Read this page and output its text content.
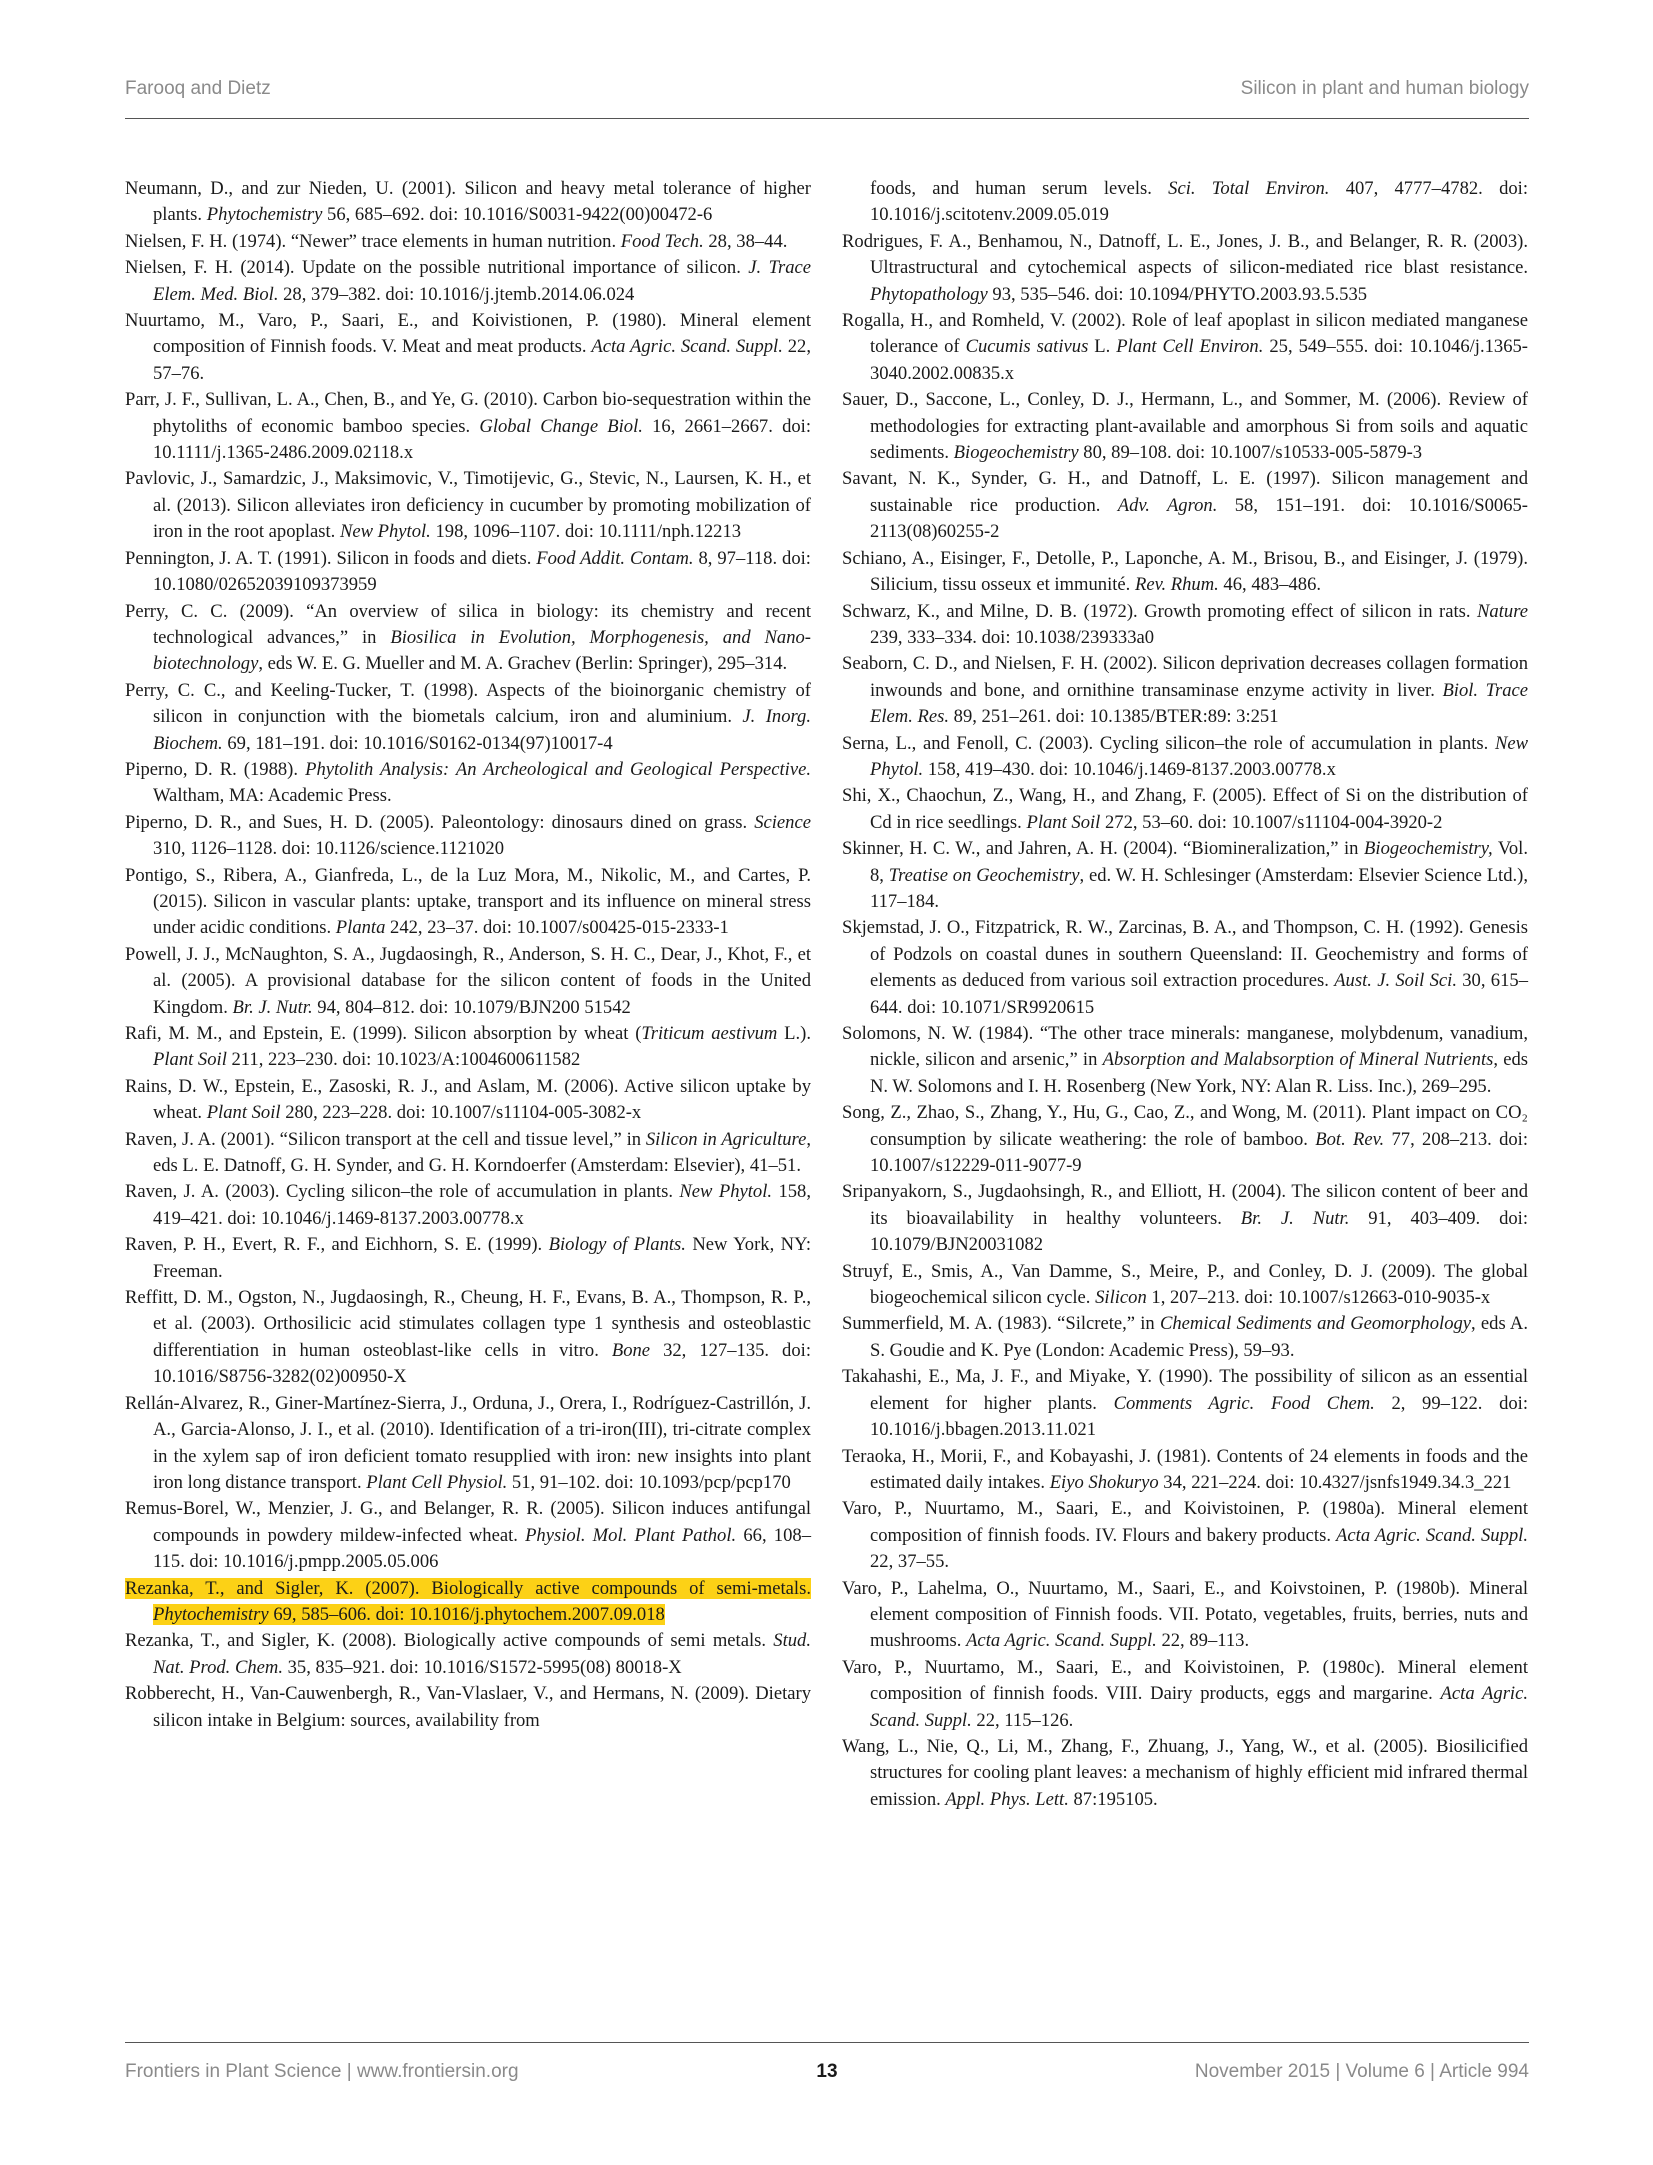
Farooq and Dietz	Silicon in plant and human biology

Neumann, D., and zur Nieden, U. (2001). Silicon and heavy metal tolerance of higher plants. Phytochemistry 56, 685–692. doi: 10.1016/S0031-9422(00)00472-6

Nielsen, F. H. (1974). “Newer” trace elements in human nutrition. Food Tech. 28, 38–44.

Nielsen, F. H. (2014). Update on the possible nutritional importance of silicon. J. Trace Elem. Med. Biol. 28, 379–382. doi: 10.1016/j.jtemb.2014.06.024

Nuurtamo, M., Varo, P., Saari, E., and Koivistionen, P. (1980). Mineral element composition of Finnish foods. V. Meat and meat products. Acta Agric. Scand. Suppl. 22, 57–76.

Parr, J. F., Sullivan, L. A., Chen, B., and Ye, G. (2010). Carbon bio-sequestration within the phytoliths of economic bamboo species. Global Change Biol. 16, 2661–2667. doi: 10.1111/j.1365-2486.2009.02118.x

Pavlovic, J., Samardzic, J., Maksimovic, V., Timotijevic, G., Stevic, N., Laursen, K. H., et al. (2013). Silicon alleviates iron deficiency in cucumber by promoting mobilization of iron in the root apoplast. New Phytol. 198, 1096–1107. doi: 10.1111/nph.12213

Pennington, J. A. T. (1991). Silicon in foods and diets. Food Addit. Contam. 8, 97–118. doi: 10.1080/02652039109373959

Perry, C. C. (2009). “An overview of silica in biology: its chemistry and recent technological advances,” in Biosilica in Evolution, Morphogenesis, and Nano-biotechnology, eds W. E. G. Mueller and M. A. Grachev (Berlin: Springer), 295–314.

Perry, C. C., and Keeling-Tucker, T. (1998). Aspects of the bioinorganic chemistry of silicon in conjunction with the biometals calcium, iron and aluminium. J. Inorg. Biochem. 69, 181–191. doi: 10.1016/S0162-0134(97)10017-4

Piperno, D. R. (1988). Phytolith Analysis: An Archeological and Geological Perspective. Waltham, MA: Academic Press.

Piperno, D. R., and Sues, H. D. (2005). Paleontology: dinosaurs dined on grass. Science 310, 1126–1128. doi: 10.1126/science.1121020

Pontigo, S., Ribera, A., Gianfreda, L., de la Luz Mora, M., Nikolic, M., and Cartes, P. (2015). Silicon in vascular plants: uptake, transport and its influence on mineral stress under acidic conditions. Planta 242, 23–37. doi: 10.1007/s00425-015-2333-1

Powell, J. J., McNaughton, S. A., Jugdaosingh, R., Anderson, S. H. C., Dear, J., Khot, F., et al. (2005). A provisional database for the silicon content of foods in the United Kingdom. Br. J. Nutr. 94, 804–812. doi: 10.1079/BJN200 51542

Rafi, M. M., and Epstein, E. (1999). Silicon absorption by wheat (Triticum aestivum L.). Plant Soil 211, 223–230. doi: 10.1023/A:1004600611582

Rains, D. W., Epstein, E., Zasoski, R. J., and Aslam, M. (2006). Active silicon uptake by wheat. Plant Soil 280, 223–228. doi: 10.1007/s11104-005-3082-x

Raven, J. A. (2001). “Silicon transport at the cell and tissue level,” in Silicon in Agriculture, eds L. E. Datnoff, G. H. Synder, and G. H. Korndoerfer (Amsterdam: Elsevier), 41–51.

Raven, J. A. (2003). Cycling silicon–the role of accumulation in plants. New Phytol. 158, 419–421. doi: 10.1046/j.1469-8137.2003.00778.x

Raven, P. H., Evert, R. F., and Eichhorn, S. E. (1999). Biology of Plants. New York, NY: Freeman.

Reffitt, D. M., Ogston, N., Jugdaosingh, R., Cheung, H. F., Evans, B. A., Thompson, R. P., et al. (2003). Orthosilicic acid stimulates collagen type 1 synthesis and osteoblastic differentiation in human osteoblast-like cells in vitro. Bone 32, 127–135. doi: 10.1016/S8756-3282(02)00950-X

Rellán-Alvarez, R., Giner-Martínez-Sierra, J., Orduna, J., Orera, I., Rodríguez-Castrillón, J. A., Garcia-Alonso, J. I., et al. (2010). Identification of a tri-iron(III), tri-citrate complex in the xylem sap of iron deficient tomato resupplied with iron: new insights into plant iron long distance transport. Plant Cell Physiol. 51, 91–102. doi: 10.1093/pcp/pcp170

Remus-Borel, W., Menzier, J. G., and Belanger, R. R. (2005). Silicon induces antifungal compounds in powdery mildew-infected wheat. Physiol. Mol. Plant Pathol. 66, 108–115. doi: 10.1016/j.pmpp.2005.05.006

Rezanka, T., and Sigler, K. (2007). Biologically active compounds of semi-metals. Phytochemistry 69, 585–606. doi: 10.1016/j.phytochem.2007.09.018

Rezanka, T., and Sigler, K. (2008). Biologically active compounds of semi metals. Stud. Nat. Prod. Chem. 35, 835–921. doi: 10.1016/S1572-5995(08) 80018-X

Robberecht, H., Van-Cauwenbergh, R., Van-Vlaslaer, V., and Hermans, N. (2009). Dietary silicon intake in Belgium: sources, availability from

foods, and human serum levels. Sci. Total Environ. 407, 4777–4782. doi: 10.1016/j.scitotenv.2009.05.019

Rodrigues, F. A., Benhamou, N., Datnoff, L. E., Jones, J. B., and Belanger, R. R. (2003). Ultrastructural and cytochemical aspects of silicon-mediated rice blast resistance. Phytopathology 93, 535–546. doi: 10.1094/PHYTO.2003.93.5.535

Rogalla, H., and Romheld, V. (2002). Role of leaf apoplast in silicon mediated manganese tolerance of Cucumis sativus L. Plant Cell Environ. 25, 549–555. doi: 10.1046/j.1365-3040.2002.00835.x

Sauer, D., Saccone, L., Conley, D. J., Hermann, L., and Sommer, M. (2006). Review of methodologies for extracting plant-available and amorphous Si from soils and aquatic sediments. Biogeochemistry 80, 89–108. doi: 10.1007/s10533-005-5879-3

Savant, N. K., Synder, G. H., and Datnoff, L. E. (1997). Silicon management and sustainable rice production. Adv. Agron. 58, 151–191. doi: 10.1016/S0065-2113(08)60255-2

Schiano, A., Eisinger, F., Detolle, P., Laponche, A. M., Brisou, B., and Eisinger, J. (1979). Silicium, tissu osseux et immunité. Rev. Rhum. 46, 483–486.

Schwarz, K., and Milne, D. B. (1972). Growth promoting effect of silicon in rats. Nature 239, 333–334. doi: 10.1038/239333a0

Seaborn, C. D., and Nielsen, F. H. (2002). Silicon deprivation decreases collagen formation inwounds and bone, and ornithine transaminase enzyme activity in liver. Biol. Trace Elem. Res. 89, 251–261. doi: 10.1385/BTER:89: 3:251

Serna, L., and Fenoll, C. (2003). Cycling silicon–the role of accumulation in plants. New Phytol. 158, 419–430. doi: 10.1046/j.1469-8137.2003.00778.x

Shi, X., Chaochun, Z., Wang, H., and Zhang, F. (2005). Effect of Si on the distribution of Cd in rice seedlings. Plant Soil 272, 53–60. doi: 10.1007/s11104-004-3920-2

Skinner, H. C. W., and Jahren, A. H. (2004). “Biomineralization,” in Biogeochemistry, Vol. 8, Treatise on Geochemistry, ed. W. H. Schlesinger (Amsterdam: Elsevier Science Ltd.), 117–184.

Skjemstad, J. O., Fitzpatrick, R. W., Zarcinas, B. A., and Thompson, C. H. (1992). Genesis of Podzols on coastal dunes in southern Queensland: II. Geochemistry and forms of elements as deduced from various soil extraction procedures. Aust. J. Soil Sci. 30, 615–644. doi: 10.1071/SR9920615

Solomons, N. W. (1984). “The other trace minerals: manganese, molybdenum, vanadium, nickle, silicon and arsenic,” in Absorption and Malabsorption of Mineral Nutrients, eds N. W. Solomons and I. H. Rosenberg (New York, NY: Alan R. Liss. Inc.), 269–295.

Song, Z., Zhao, S., Zhang, Y., Hu, G., Cao, Z., and Wong, M. (2011). Plant impact on CO₂ consumption by silicate weathering: the role of bamboo. Bot. Rev. 77, 208–213. doi: 10.1007/s12229-011-9077-9

Sripanyakorn, S., Jugdaohsingh, R., and Elliott, H. (2004). The silicon content of beer and its bioavailability in healthy volunteers. Br. J. Nutr. 91, 403–409. doi: 10.1079/BJN20031082

Struyf, E., Smis, A., Van Damme, S., Meire, P., and Conley, D. J. (2009). The global biogeochemical silicon cycle. Silicon 1, 207–213. doi: 10.1007/s12663-010-9035-x

Summerfield, M. A. (1983). “Silcrete,” in Chemical Sediments and Geomorphology, eds A. S. Goudie and K. Pye (London: Academic Press), 59–93.

Takahashi, E., Ma, J. F., and Miyake, Y. (1990). The possibility of silicon as an essential element for higher plants. Comments Agric. Food Chem. 2, 99–122. doi: 10.1016/j.bbagen.2013.11.021

Teraoka, H., Morii, F., and Kobayashi, J. (1981). Contents of 24 elements in foods and the estimated daily intakes. Eiyo Shokuryo 34, 221–224. doi: 10.4327/jsnfs1949.34.3_221

Varo, P., Nuurtamo, M., Saari, E., and Koivistoinen, P. (1980a). Mineral element composition of finnish foods. IV. Flours and bakery products. Acta Agric. Scand. Suppl. 22, 37–55.

Varo, P., Lahelma, O., Nuurtamo, M., Saari, E., and Koivstoinen, P. (1980b). Mineral element composition of Finnish foods. VII. Potato, vegetables, fruits, berries, nuts and mushrooms. Acta Agric. Scand. Suppl. 22, 89–113.

Varo, P., Nuurtamo, M., Saari, E., and Koivistoinen, P. (1980c). Mineral element composition of finnish foods. VIII. Dairy products, eggs and margarine. Acta Agric. Scand. Suppl. 22, 115–126.

Wang, L., Nie, Q., Li, M., Zhang, F., Zhuang, J., Yang, W., et al. (2005). Biosilicified structures for cooling plant leaves: a mechanism of highly efficient mid infrared thermal emission. Appl. Phys. Lett. 87:195105.

Frontiers in Plant Science | www.frontiersin.org	13	November 2015 | Volume 6 | Article 994
